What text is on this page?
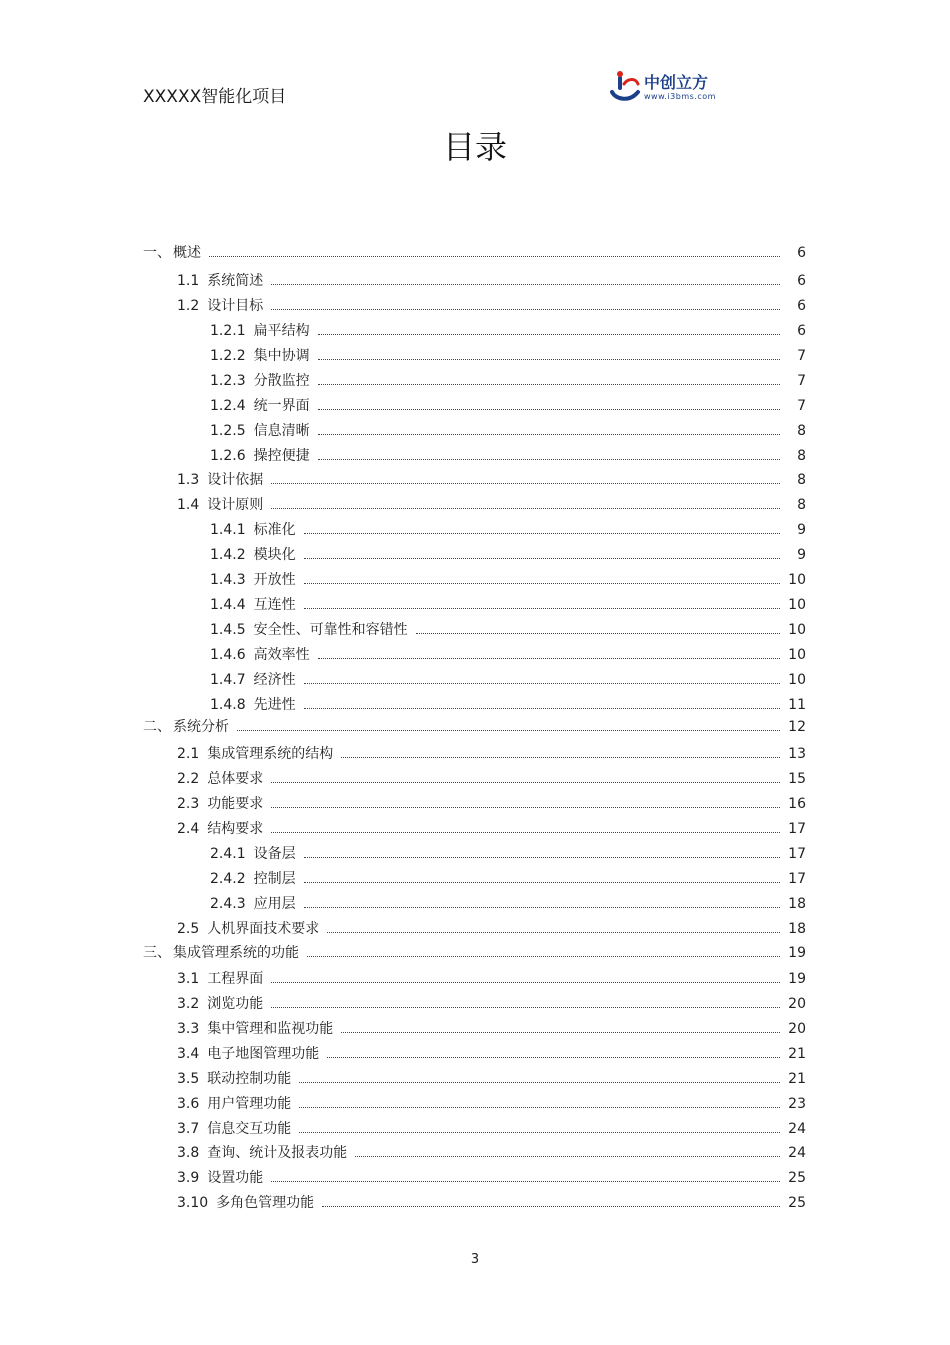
XXXXX智能化项目
中创立方
www.i3bms.com
目录
一、 概述	6
1.1 系统简述	6
1.2 设计目标	6
1.2.1 扁平结构	6
1.2.2 集中协调	7
1.2.3 分散监控	7
1.2.4 统一界面	7
1.2.5 信息清晰	8
1.2.6 操控便捷	8
1.3 设计依据	8
1.4 设计原则	8
1.4.1 标准化	9
1.4.2 模块化	9
1.4.3 开放性	10
1.4.4 互连性	10
1.4.5 安全性、可靠性和容错性	10
1.4.6 高效率性	10
1.4.7 经济性	10
1.4.8 先进性	11
二、 系统分析	12
2.1 集成管理系统的结构	13
2.2 总体要求	15
2.3 功能要求	16
2.4 结构要求	17
2.4.1 设备层	17
2.4.2 控制层	17
2.4.3 应用层	18
2.5 人机界面技术要求	18
三、 集成管理系统的功能	19
3.1 工程界面	19
3.2 浏览功能	20
3.3 集中管理和监视功能	20
3.4 电子地图管理功能	21
3.5 联动控制功能	21
3.6 用户管理功能	23
3.7 信息交互功能	24
3.8 查询、统计及报表功能	24
3.9 设置功能	25
3.10 多角色管理功能	25
3
